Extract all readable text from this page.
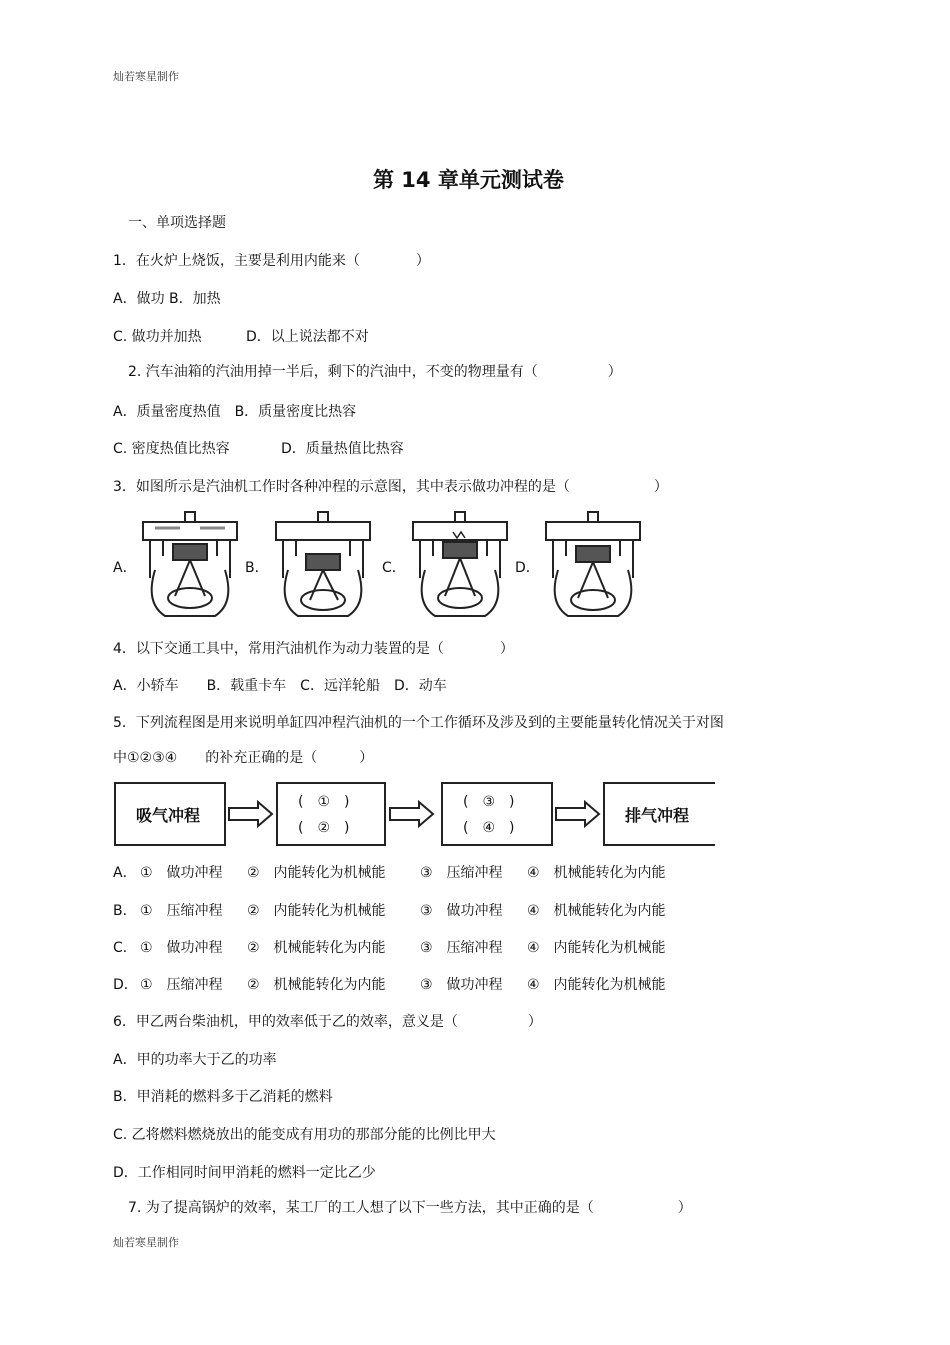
灿若寒星制作
灿若寒星制作
第 14 章单元测试卷
一、单项选择题
1．在火炉上烧饭，主要是利用内能来（　　　　）
A．做功 B．加热
C. 做功并加热	D．以上说法都不对
2. 汽车油箱的汽油用掉一半后，剩下的汽油中，不变的物理量有（　　　　　）
A．质量密度热值　B．质量密度比热容
C. 密度热值比热容	D．质量热值比热容
3．如图所示是汽油机工作时各种冲程的示意图，其中表示做功冲程的是（　　　　　　）
A．	B．	C．	D．
4．以下交通工具中，常用汽油机作为动力装置的是（　　　　）
A．小轿车　　B．载重卡车　C．远洋轮船　D．动车
5．下列流程图是用来说明单缸四冲程汽油机的一个工作循环及涉及到的主要能量转化情况关于对图
中①②③④　　的补充正确的是（　　　）
吸气冲程
(　①　)
(　②　)
(　③　)
(　④　)
排气冲程
A． ①　做功冲程 ②　内能转化为机械能 ③　压缩冲程 ④　机械能转化为内能
B． ①　压缩冲程 ②　内能转化为机械能 ③　做功冲程 ④　机械能转化为内能
C． ①　做功冲程 ②　机械能转化为内能 ③　压缩冲程 ④　内能转化为机械能
D． ①　压缩冲程 ②　机械能转化为内能 ③　做功冲程 ④　内能转化为机械能
6．甲乙两台柴油机，甲的效率低于乙的效率，意义是（　　　　　）
A．甲的功率大于乙的功率
B．甲消耗的燃料多于乙消耗的燃料
C. 乙将燃料燃烧放出的能变成有用功的那部分能的比例比甲大
D．工作相同时间甲消耗的燃料一定比乙少
7. 为了提高锅炉的效率，某工厂的工人想了以下一些方法，其中正确的是（　　　　　　）
